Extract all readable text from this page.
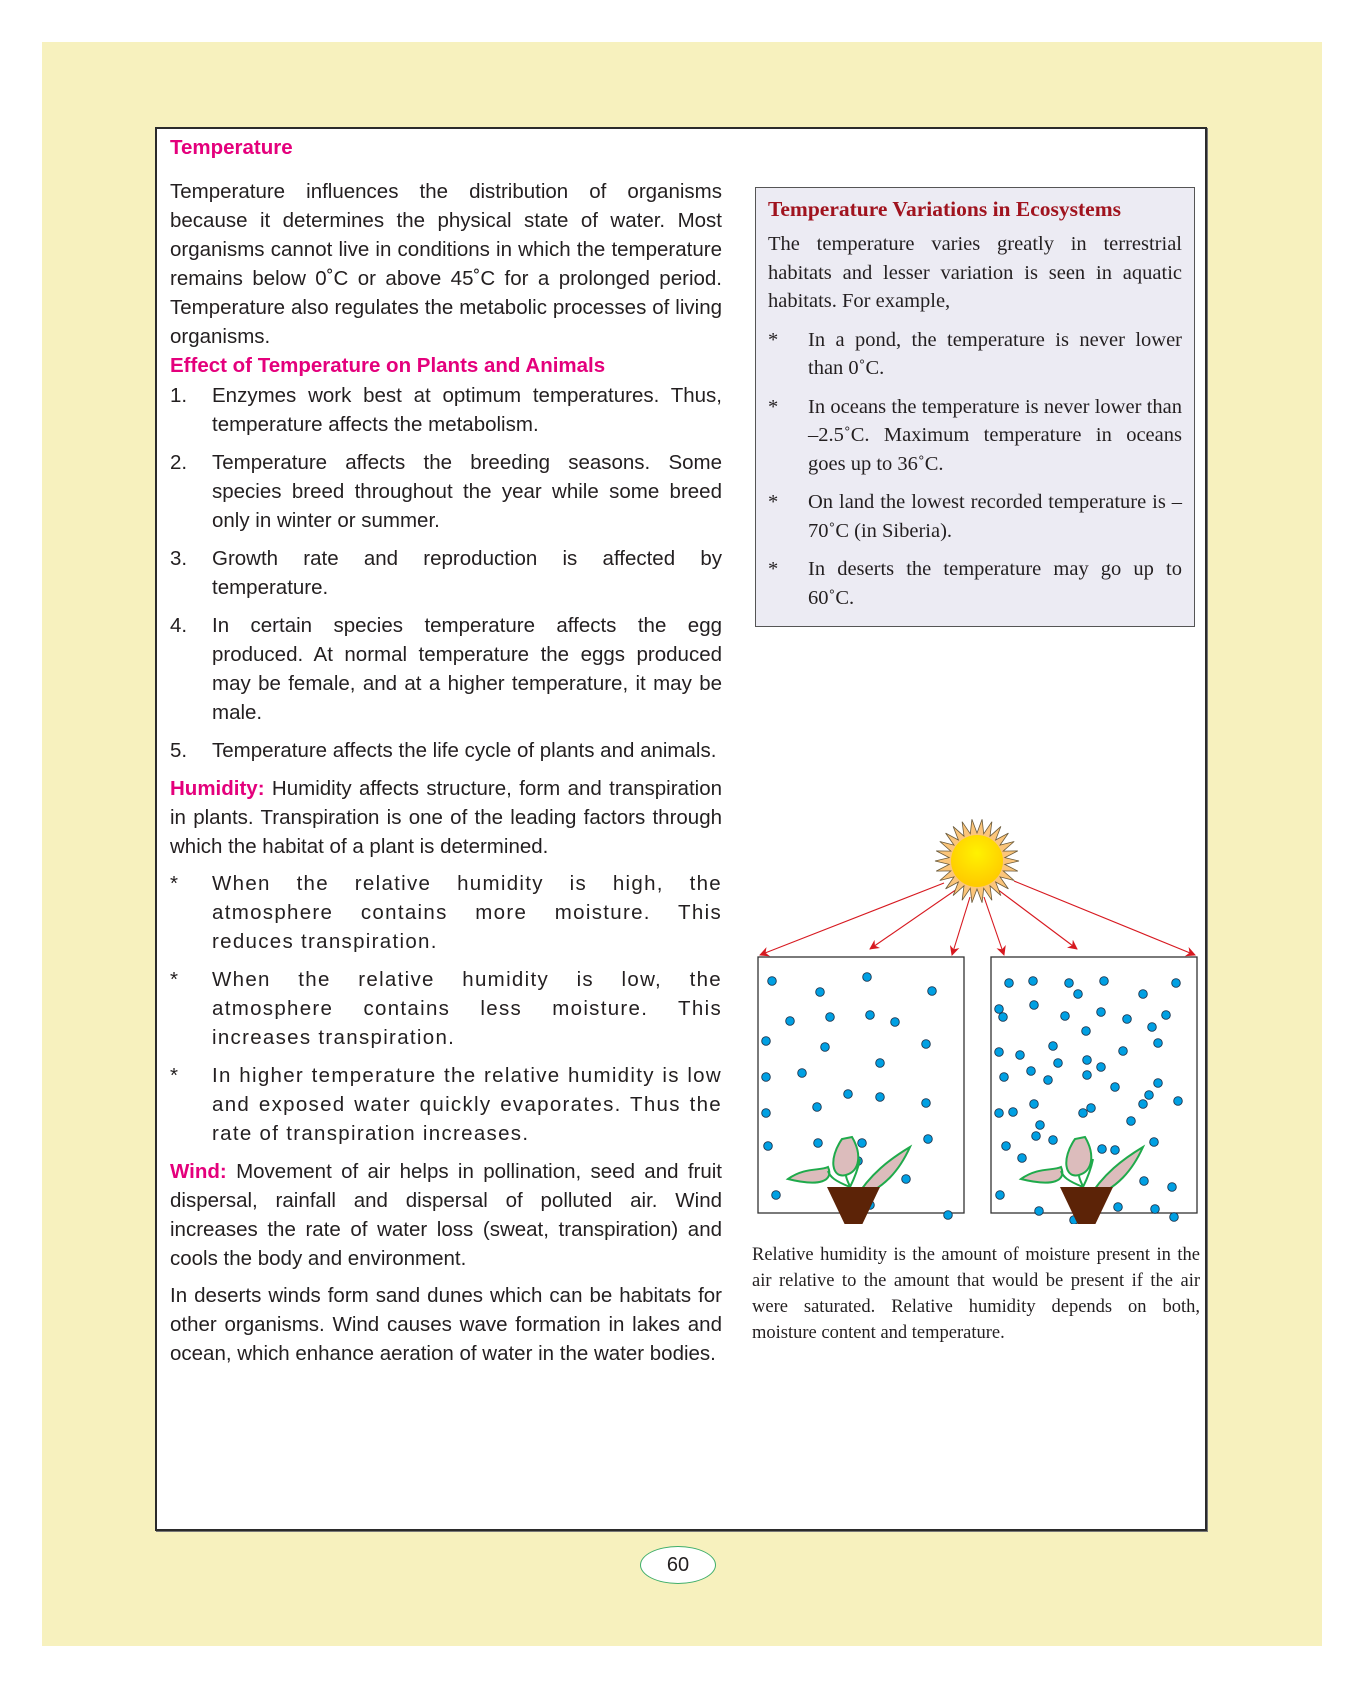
Temperature

Temperature influences the distribution of organisms because it determines the physical state of water. Most organisms cannot live in conditions in which the temperature remains below 0˚C or above 45˚C for a prolonged period. Temperature also regulates the metabolic processes of living organisms.

Effect of Temperature on Plants and Animals
1. Enzymes work best at optimum temperatures. Thus, temperature affects the metabolism.
2. Temperature affects the breeding seasons. Some species breed throughout the year while some breed only in winter or summer.
3. Growth rate and reproduction is affected by temperature.
4. In certain species temperature affects the egg produced. At normal temperature the eggs produced may be female, and at a higher temperature, it may be male.
5. Temperature affects the life cycle of plants and animals.

Humidity: Humidity affects structure, form and transpiration in plants. Transpiration is one of the leading factors through which the habitat of a plant is determined.

* When the relative humidity is high, the atmosphere contains more moisture. This reduces transpiration.
* When the relative humidity is low, the atmosphere contains less moisture. This increases transpiration.
* In higher temperature the relative humidity is low and exposed water quickly evaporates. Thus the rate of transpiration increases.

Wind: Movement of air helps in pollination, seed and fruit dispersal, rainfall and dispersal of polluted air. Wind increases the rate of water loss (sweat, transpiration) and cools the body and environment.

In deserts winds form sand dunes which can be habitats for other organisms. Wind causes wave formation in lakes and ocean, which enhance aeration of water in the water bodies.

Temperature Variations in Ecosystems

The temperature varies greatly in terrestrial habitats and lesser variation is seen in aquatic habitats. For example,

* In a pond, the temperature is never lower than 0˚C.
* In oceans the temperature is never lower than –2.5˚C. Maximum temperature in oceans goes up to 36˚C.
* On land the lowest recorded temperature is –70˚C (in Siberia).
* In deserts the temperature may go up to 60˚C.

Relative humidity is the amount of moisture present in the air relative to the amount that would be present if the air were saturated. Relative humidity depends on both, moisture content and temperature.

60
